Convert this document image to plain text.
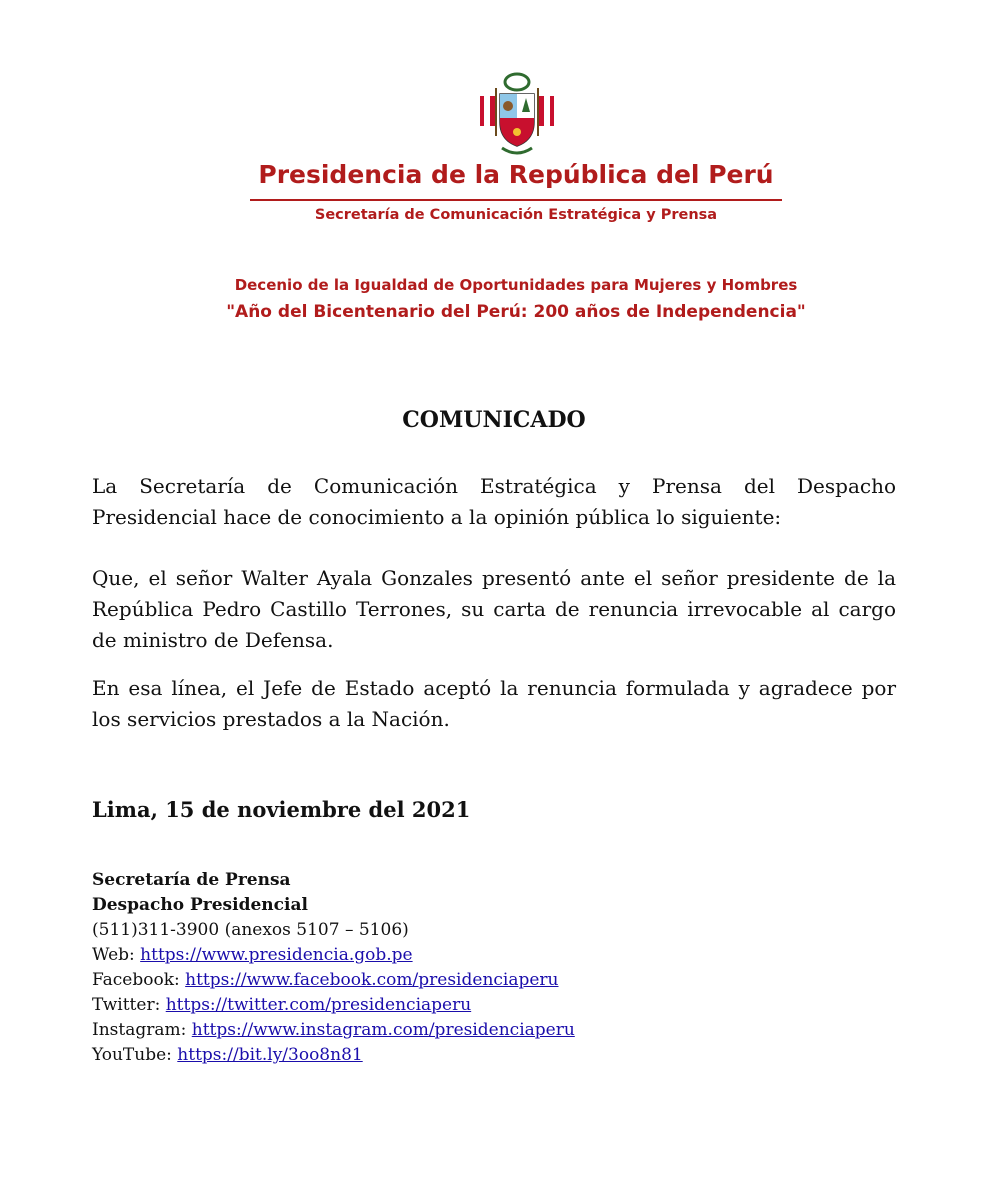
Presidencia de la República del Perú
Secretaría de Comunicación Estratégica y Prensa
Decenio de la Igualdad de Oportunidades para Mujeres y Hombres
"Año del Bicentenario del Perú: 200 años de Independencia"
COMUNICADO
La Secretaría de Comunicación Estratégica y Prensa del Despacho Presidencial hace de conocimiento a la opinión pública lo siguiente:
Que, el señor Walter Ayala Gonzales presentó ante el señor presidente de la República Pedro Castillo Terrones, su carta de renuncia irrevocable al cargo de ministro de Defensa.
En esa línea, el Jefe de Estado aceptó la renuncia formulada y agradece por los servicios prestados a la Nación.
Lima, 15 de noviembre del 2021
Secretaría de Prensa
Despacho Presidencial
(511)311-3900 (anexos 5107 – 5106)
Web: https://www.presidencia.gob.pe
Facebook: https://www.facebook.com/presidenciaperu
Twitter: https://twitter.com/presidenciaperu
Instagram: https://www.instagram.com/presidenciaperu
YouTube: https://bit.ly/3oo8n81
